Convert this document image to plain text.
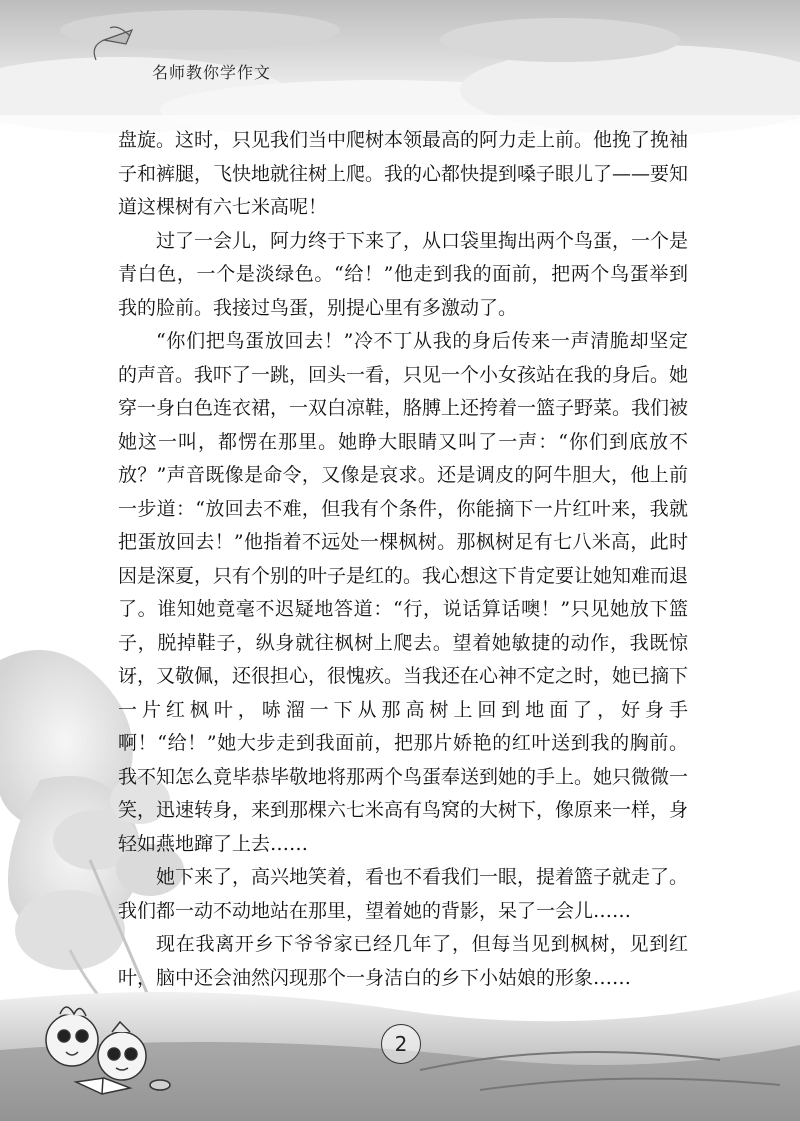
名师教你学作文

盘旋。这时，只见我们当中爬树本领最高的阿力走上前。他挽了挽袖子和裤腿，飞快地就往树上爬。我的心都快提到嗓子眼儿了——要知道这棵树有六七米高呢！

过了一会儿，阿力终于下来了，从口袋里掏出两个鸟蛋，一个是青白色，一个是淡绿色。“给！”他走到我的面前，把两个鸟蛋举到我的脸前。我接过鸟蛋，别提心里有多激动了。

“你们把鸟蛋放回去！”冷不丁从我的身后传来一声清脆却坚定的声音。我吓了一跳，回头一看，只见一个小女孩站在我的身后。她穿一身白色连衣裙，一双白凉鞋，胳膊上还挎着一篮子野菜。我们被她这一叫，都愣在那里。她睁大眼睛又叫了一声：“你们到底放不放？”声音既像是命令，又像是哀求。还是调皮的阿牛胆大，他上前一步道：“放回去不难，但我有个条件，你能摘下一片红叶来，我就把蛋放回去！”他指着不远处一棵枫树。那枫树足有七八米高，此时因是深夏，只有个别的叶子是红的。我心想这下肯定要让她知难而退了。谁知她竟毫不迟疑地答道：“行，说话算话噢！”只见她放下篮子，脱掉鞋子，纵身就往枫树上爬去。望着她敏捷的动作，我既惊讶，又敬佩，还很担心，很愧疚。当我还在心神不定之时，她已摘下一片红枫叶，哧溜一下从那高树上回到地面了，好身手啊！“给！”她大步走到我面前，把那片娇艳的红叶送到我的胸前。我不知怎么竟毕恭毕敬地将那两个鸟蛋奉送到她的手上。她只微微一笑，迅速转身，来到那棵六七米高有鸟窝的大树下，像原来一样，身轻如燕地蹿了上去……

她下来了，高兴地笑着，看也不看我们一眼，提着篮子就走了。我们都一动不动地站在那里，望着她的背影，呆了一会儿……

现在我离开乡下爷爷家已经几年了，但每当见到枫树，见到红叶，脑中还会油然闪现那个一身洁白的乡下小姑娘的形象……

2
